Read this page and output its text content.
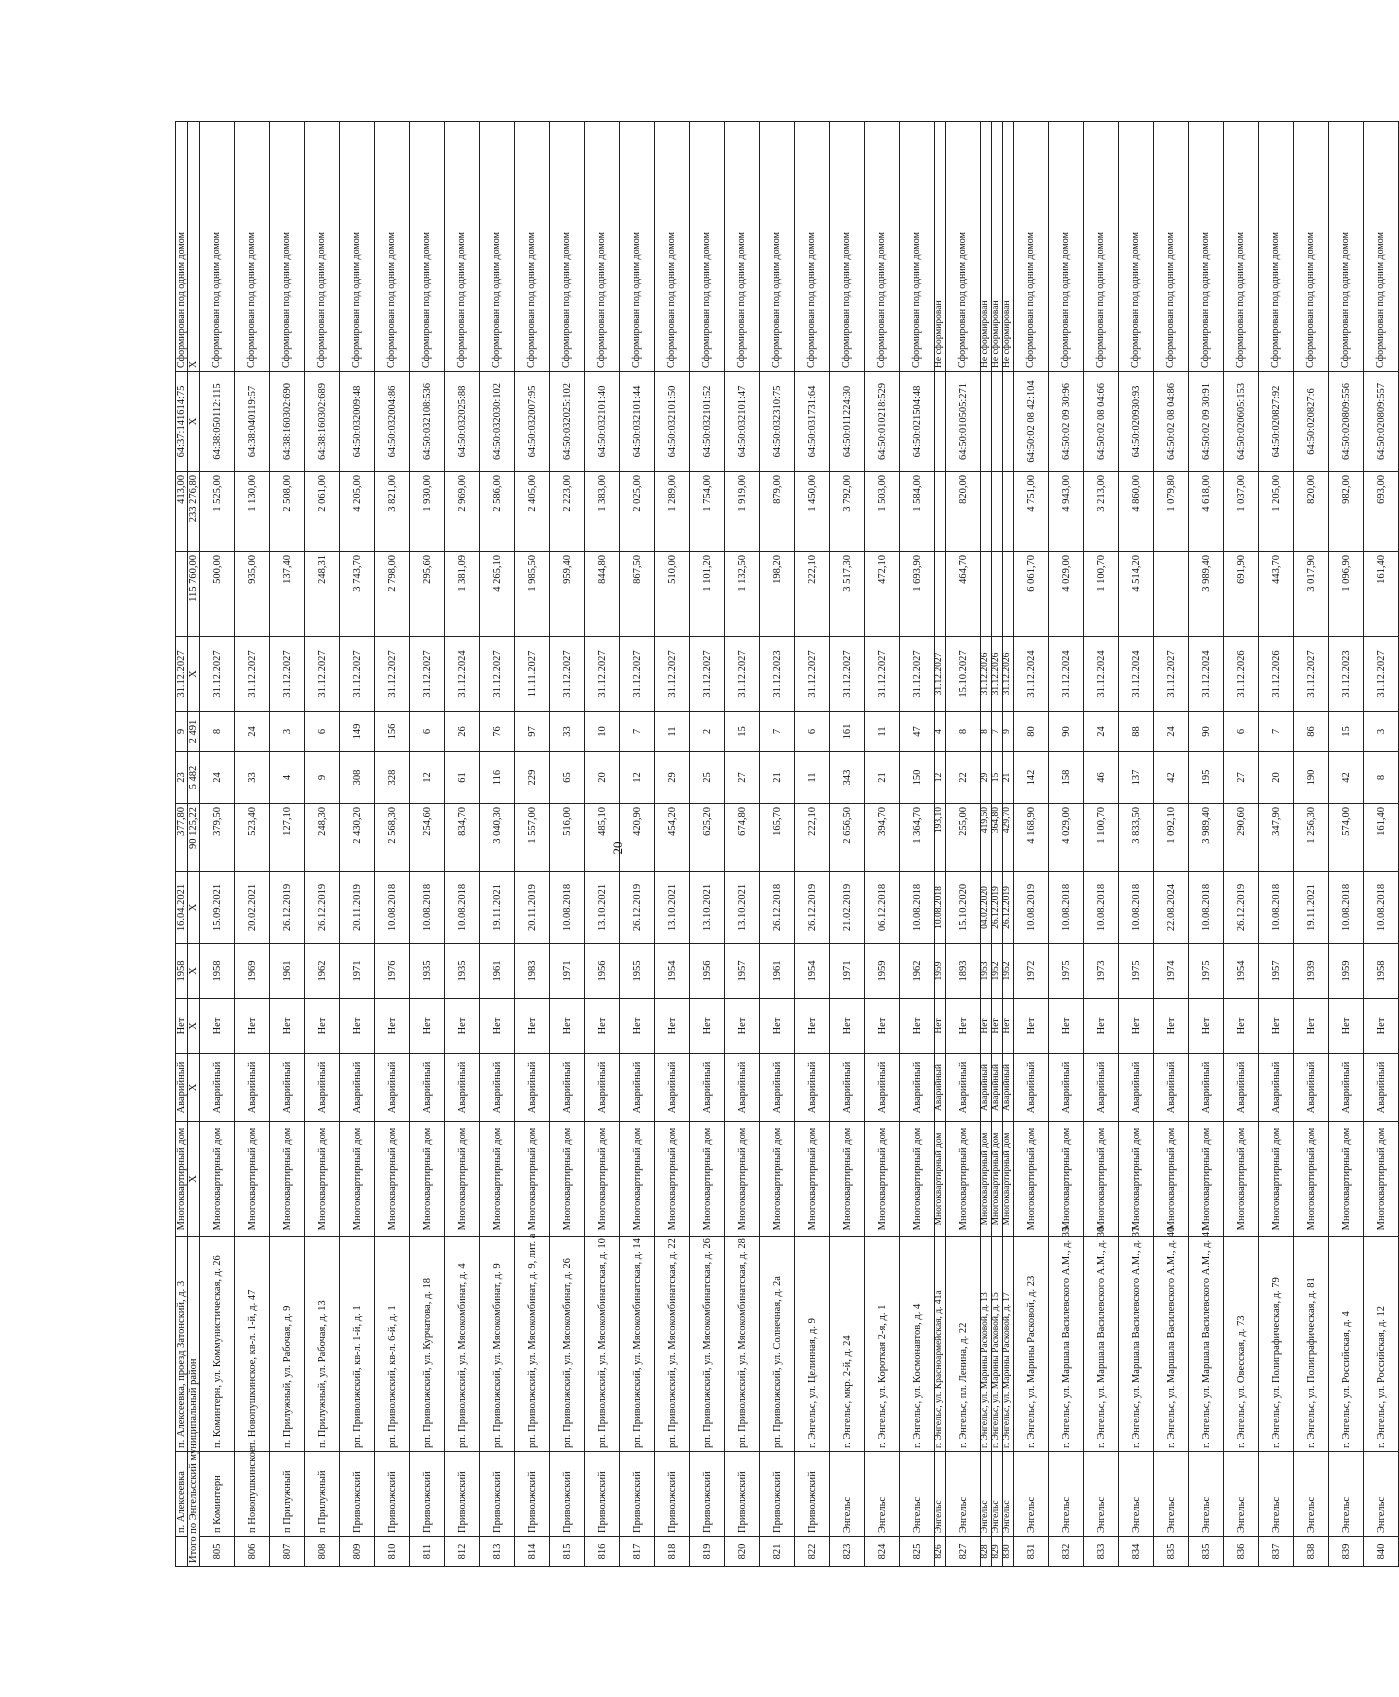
20
	п. Алексеевка	п. Алексеевка, проезд Затонский, д. 3	Многоквартирный дом	Аварийный	Нет	1958	16.04.2021	377,80	23	9	31.12.2027		413,00	64:37:141614:75	Сформирован под одним домом
Итого по Энгельсский муниципальный район			Х	Х	Х	Х	Х	90 125,22	5 482	2 491	Х	115 760,00	233 276,80	Х	Х
805	п Коминтерн	п. Коминтерн, ул. Коммунистическая, д. 26	Многоквартирный дом	Аварийный	Нет	1958	15.09.2021	379,50	24	8	31.12.2027	500,00	1 525,00	64:38:050112:115	Сформирован под одним домом
806	п Новопушкинское	п. Новопушкинское, кв-л. 1-й, д. 47	Многоквартирный дом	Аварийный	Нет	1969	20.02.2021	523,40	33	24	31.12.2027	935,00	1 130,00	64:38:040119:57	Сформирован под одним домом
807	п Прилужный	п. Прилужный, ул. Рабочая, д. 9	Многоквартирный дом	Аварийный	Нет	1961	26.12.2019	127,10	4	3	31.12.2027	137,40	2 508,00	64:38:160302:690	Сформирован под одним домом
808	п Прилужный	п. Прилужный, ул. Рабочая, д. 13	Многоквартирный дом	Аварийный	Нет	1962	26.12.2019	248,30	9	6	31.12.2027	248,31	2 061,00	64:38:160302:689	Сформирован под одним домом
809	Приволжский	рп. Приволжский, кв-л. 1-й, д. 1	Многоквартирный дом	Аварийный	Нет	1971	20.11.2019	2 430,20	308	149	31.12.2027	3 743,70	4 205,00	64:50:032009:48	Сформирован под одним домом
810	Приволжский	рп. Приволжский, кв-л. 6-й, д. 1	Многоквартирный дом	Аварийный	Нет	1976	10.08.2018	2 568,30	328	156	31.12.2027	2 798,00	3 821,00	64:50:032004:86	Сформирован под одним домом
811	Приволжский	рп. Приволжский, ул. Курчатова, д. 18	Многоквартирный дом	Аварийный	Нет	1935	10.08.2018	254,60	12	6	31.12.2027	295,60	1 930,00	64:50:032108:536	Сформирован под одним домом
812	Приволжский	рп. Приволжский, ул. Мясокомбинат, д. 4	Многоквартирный дом	Аварийный	Нет	1935	10.08.2018	834,70	61	26	31.12.2024	1 381,09	2 969,00	64:50:032025:88	Сформирован под одним домом
813	Приволжский	рп. Приволжский, ул. Мясокомбинат, д. 9	Многоквартирный дом	Аварийный	Нет	1961	19.11.2021	3 040,30	116	76	31.12.2027	4 265,10	2 586,00	64:50:032030:102	Сформирован под одним домом
814	Приволжский	рп. Приволжский, ул. Мясокомбинат, д. 9, лит. а	Многоквартирный дом	Аварийный	Нет	1983	20.11.2019	1 557,00	229	97	11.11.2027	1 985,50	2 405,00	64:50:032007:95	Сформирован под одним домом
815	Приволжский	рп. Приволжский, ул. Мясокомбинат, д. 26	Многоквартирный дом	Аварийный	Нет	1971	10.08.2018	516,00	65	33	31.12.2027	959,40	2 223,00	64:50:032025:102	Сформирован под одним домом
816	Приволжский	рп. Приволжский, ул. Мясокомбинатская, д. 10	Многоквартирный дом	Аварийный	Нет	1956	13.10.2021	485,10	20	10	31.12.2027	844,80	1 383,00	64:50:032101:40	Сформирован под одним домом
817	Приволжский	рп. Приволжский, ул. Мясокомбинатская, д. 14	Многоквартирный дом	Аварийный	Нет	1955	26.12.2019	420,90	12	7	31.12.2027	867,50	2 025,00	64:50:032101:44	Сформирован под одним домом
818	Приволжский	рп. Приволжский, ул. Мясокомбинатская, д. 22	Многоквартирный дом	Аварийный	Нет	1954	13.10.2021	454,20	29	11	31.12.2027	510,00	1 289,00	64:50:032101:50	Сформирован под одним домом
819	Приволжский	рп. Приволжский, ул. Мясокомбинатская, д. 26	Многоквартирный дом	Аварийный	Нет	1956	13.10.2021	625,20	25	2	31.12.2027	1 101,20	1 754,00	64:50:032101:52	Сформирован под одним домом
820	Приволжский	рп. Приволжский, ул. Мясокомбинатская, д. 28	Многоквартирный дом	Аварийный	Нет	1957	13.10.2021	674,80	27	15	31.12.2027	1 132,50	1 919,00	64:50:032101:47	Сформирован под одним домом
821	Приволжский	рп. Приволжский, ул. Солнечная, д. 2а	Многоквартирный дом	Аварийный	Нет	1961	26.12.2018	165,70	21	7	31.12.2023	198,20	879,00	64:50:032310:75	Сформирован под одним домом
822	Приволжский	г. Энгельс, ул. Целинная, д. 9	Многоквартирный дом	Аварийный	Нет	1954	26.12.2019	222,10	11	6	31.12.2027	222,10	1 450,00	64:50:031731:64	Сформирован под одним домом
823	Энгельс	г. Энгельс, мкр. 2-й, д. 24	Многоквартирный дом	Аварийный	Нет	1971	21.02.2019	2 656,50	343	161	31.12.2027	3 517,30	3 792,00	64:50:011224:30	Сформирован под одним домом
824	Энгельс	г. Энгельс, ул. Короткая 2-я, д. 1	Многоквартирный дом	Аварийный	Нет	1959	06.12.2018	394,70	21	11	31.12.2027	472,10	1 503,00	64:50:010218:529	Сформирован под одним домом
825	Энгельс	г. Энгельс, ул. Космонавтов, д. 4	Многоквартирный дом	Аварийный	Нет	1962	10.08.2018	1 364,70	150	47	31.12.2027	1 693,90	1 584,00	64:50:021504:48	Сформирован под одним домом
826	Энгельс	г. Энгельс, ул. Красноармейская, д. 41а	Многоквартирный дом	Аварийный	Нет	1959	10.08.2018	193,10	12	4	31.12.2027				Не сформирован
827	Энгельс	г. Энгельс, пл. Ленина, д. 22	Многоквартирный дом	Аварийный	Нет	1893	15.10.2020	255,00	22	8	15.10.2027	464,70	820,00	64:50:010505:271	Сформирован под одним домом
828	Энгельс	г. Энгельс, ул. Марины Расковой, д. 13	Многоквартирный дом	Аварийный	Нет	1953	04.02.2020	419,50	29	8	31.12.2026				Не сформирован
829	Энгельс	г. Энгельс, ул. Марины Расковой, д. 15	Многоквартирный дом	Аварийный	Нет	1952	26.12.2019	364,80	15	7	31.12.2026				Не сформирован
830	Энгельс	г. Энгельс, ул. Марины Расковой, д. 17	Многоквартирный дом	Аварийный	Нет	1952	26.12.2019	429,70	21	9	31.12.2026				Не сформирован
831	Энгельс	г. Энгельс, ул. Марины Расковой, д. 23	Многоквартирный дом	Аварийный	Нет	1972	10.08.2019	4 168,90	142	80	31.12.2024	6 061,70	4 751,00	64:50:02 08 42:104	Сформирован под одним домом
832	Энгельс	г. Энгельс, ул. Маршала Василевского А.М., д. 35	Многоквартирный дом	Аварийный	Нет	1975	10.08.2018	4 029,00	158	90	31.12.2024	4 029,00	4 943,00	64:50:02 09 30:96	Сформирован под одним домом
833	Энгельс	г. Энгельс, ул. Маршала Василевского А.М., д. 36	Многоквартирный дом	Аварийный	Нет	1973	10.08.2018	1 100,70	46	24	31.12.2024	1 100,70	3 213,00	64:50:02 08 04:66	Сформирован под одним домом
834	Энгельс	г. Энгельс, ул. Маршала Василевского А.М., д. 37	Многоквартирный дом	Аварийный	Нет	1975	10.08.2018	3 833,50	137	88	31.12.2024	4 514,20	4 860,00	64:50:020930:93	Сформирован под одним домом
835	Энгельс	г. Энгельс, ул. Маршала Василевского А.М., д. 40	Многоквартирный дом	Аварийный	Нет	1974	22.08.2024	1 092,10	42	24	31.12.2027		1 079,80	64:50:02 08 04:86	Сформирован под одним домом
835	Энгельс	г. Энгельс, ул. Маршала Василевского А.М., д. 41	Многоквартирный дом	Аварийный	Нет	1975	10.08.2018	3 989,40	195	90	31.12.2024	3 989,40	4 618,00	64:50:02 09 30:91	Сформирован под одним домом
836	Энгельс	г. Энгельс, ул. Овесская, д. 73	Многоквартирный дом	Аварийный	Нет	1954	26.12.2019	290,60	27	6	31.12.2026	691,90	1 037,00	64:50:020605:153	Сформирован под одним домом
837	Энгельс	г. Энгельс, ул. Полиграфическая, д. 79	Многоквартирный дом	Аварийный	Нет	1957	10.08.2018	347,90	20	7	31.12.2026	443,70	1 205,00	64:50:020827:92	Сформирован под одним домом
838	Энгельс	г. Энгельс, ул. Полиграфическая, д. 81	Многоквартирный дом	Аварийный	Нет	1939	19.11.2021	1 256,30	190	86	31.12.2027	3 017,90	820,00	64:50:020827:6	Сформирован под одним домом
839	Энгельс	г. Энгельс, ул. Российская, д. 4	Многоквартирный дом	Аварийный	Нет	1959	10.08.2018	574,00	42	15	31.12.2023	1 096,90	982,00	64:50:020809:556	Сформирован под одним домом
840	Энгельс	г. Энгельс, ул. Российская, д. 12	Многоквартирный дом	Аварийный	Нет	1958	10.08.2018	161,40	8	3	31.12.2027	161,40	693,00	64:50:020809:557	Сформирован под одним домом
